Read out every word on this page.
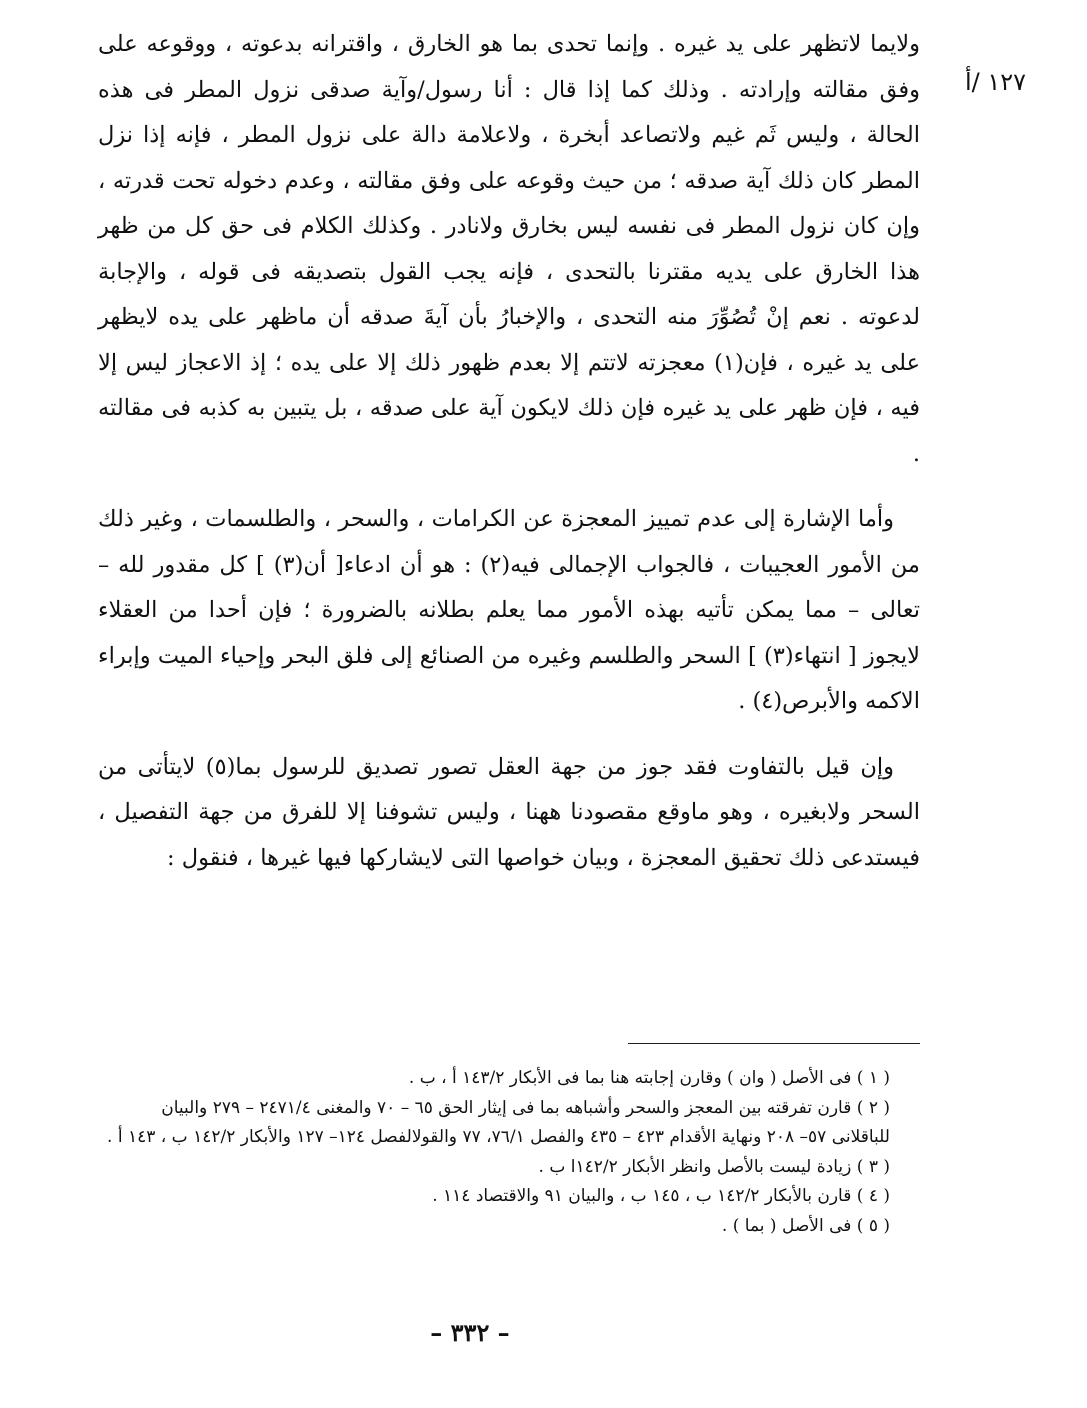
١٢٧ /أ

ولايما لاتظهر على يد غيره . وإنما تحدى بما هو الخارق ، واقترانه بدعوته ، ووقوعه على وفق مقالته وإرادته . وذلك كما إذا قال : أنا رسول/وآية صدقى نزول المطر فى هذه الحالة ، وليس ثَم غيم ولاتصاعد أبخرة ، ولاعلامة دالة على نزول المطر ، فإنه إذا نزل المطر كان ذلك آية صدقه ؛ من حيث وقوعه على وفق مقالته ، وعدم دخوله تحت قدرته ، وإن كان نزول المطر فى نفسه ليس بخارق ولانادر . وكذلك الكلام فى حق كل من ظهر هذا الخارق على يديه مقترنا بالتحدى ، فإنه يجب القول بتصديقه فى قوله ، والإجابة لدعوته . نعم إنْ تُصُوِّرَ منه التحدى ، والإخبارُ بأن آيةَ صدقه أن ماظهر على يده لايظهر على يد غيره ، فإن(١) معجزته لاتتم إلا بعدم ظهور ذلك إلا على يده ؛ إذ الاعجاز ليس إلا فيه ، فإن ظهر على يد غيره فإن ذلك لايكون آية على صدقه ، بل يتبين به كذبه فى مقالته .

وأما الإشارة إلى عدم تمييز المعجزة عن الكرامات ، والسحر ، والطلسمات ، وغير ذلك من الأمور العجيبات ، فالجواب الإجمالى فيه(٢) : هو أن ادعاء[ أن(٣) ] كل مقدور لله – تعالى – مما يمكن تأتيه بهذه الأمور مما يعلم بطلانه بالضرورة ؛ فإن أحدا من العقلاء لايجوز [ انتهاء(٣) ] السحر والطلسم وغيره من الصنائع إلى فلق البحر وإحياء الميت وإبراء الاكمه والأبرص(٤) .

وإن قيل بالتفاوت فقد جوز من جهة العقل تصور تصديق للرسول بما(٥) لايتأتى من السحر ولابغيره ، وهو ماوقع مقصودنا ههنا ، وليس تشوفنا إلا للفرق من جهة التفصيل ، فيستدعى ذلك تحقيق المعجزة ، وبيان خواصها التى لايشاركها فيها غيرها ، فنقول :

( ١ ) فى الأصل ( وان ) وقارن إجابته هنا بما فى الأبكار ١٤٣/٢ أ ، ب .

( ٢ ) قارن تفرقته بين المعجز والسحر وأشباهه بما فى إيثار الحق ٦٥ – ٧٠ والمغنى ٢٤٧١/٤ – ٢٧٩ والبيان للباقلانى ٥٧– ٢٠٨ ونهاية الأقدام ٤٢٣ – ٤٣٥ والفصل ٧٦/١، ٧٧ والقولالفصل ١٢٤– ١٢٧ والأبكار ١٤٢/٢ ب ، ١٤٣ أ .

( ٣ ) زيادة ليست بالأصل وانظر الأبكار ١٤٢/٢ا ب .

( ٤ ) قارن بالأبكار ١٤٢/٢ ب ، ١٤٥ ب ، والبيان ٩١ والاقتصاد ١١٤ .

( ٥ ) فى الأصل ( بما ) .

– ٣٣٢ –
